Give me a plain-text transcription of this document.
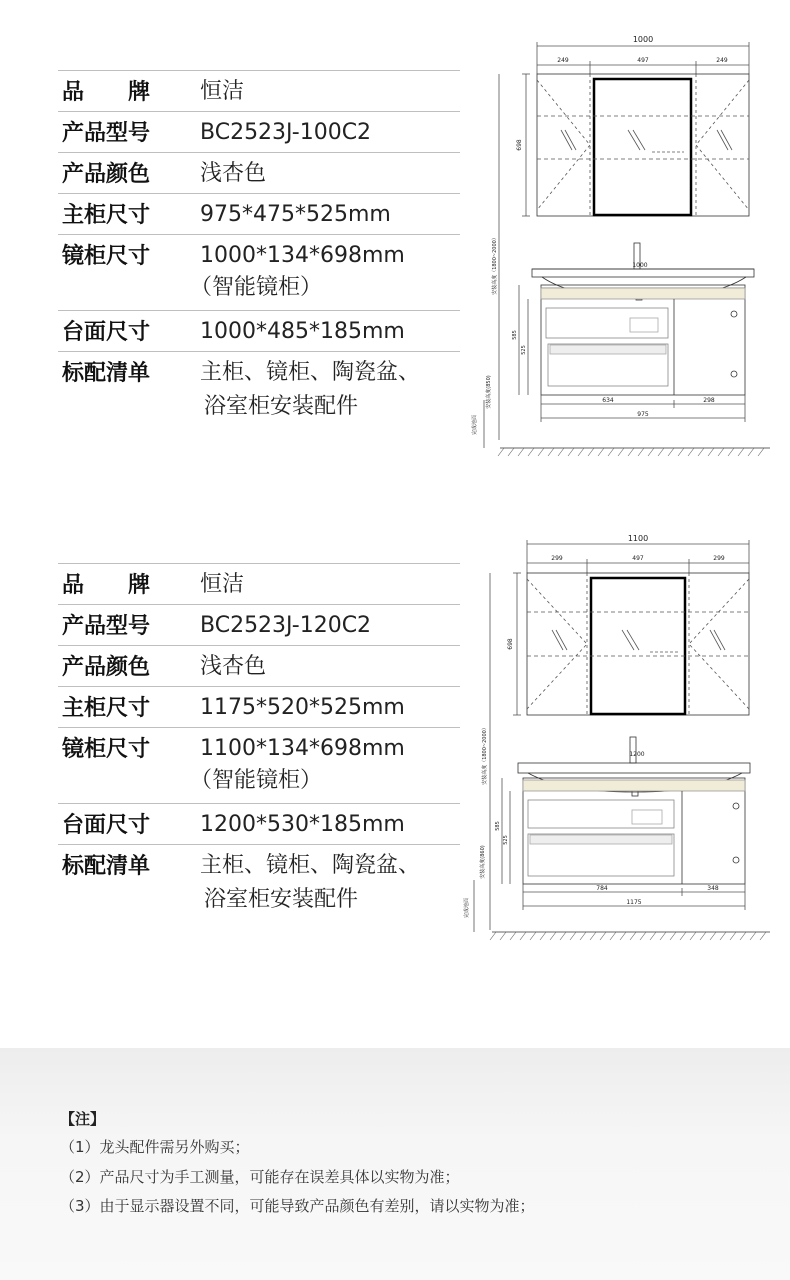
品　　牌 恒洁
产品型号 BC2523J-100C2
产品颜色 浅杏色
主柜尺寸 975*475*525mm
镜柜尺寸 1000*134*698mm
（智能镜柜）
台面尺寸 1000*485*185mm
标配清单 主柜、镜柜、陶瓷盆、
浴室柜安装配件
1000
249	497	249
698
安装高度（1800~2000）	1000
585
525
安装高度(850)
完成地面
634	298
975
品　　牌 恒洁
产品型号 BC2523J-120C2
产品颜色 浅杏色
主柜尺寸 1175*520*525mm
镜柜尺寸 1100*134*698mm
（智能镜柜）
台面尺寸 1200*530*185mm
标配清单 主柜、镜柜、陶瓷盆、
浴室柜安装配件
1100
299	497	299
698
安装高度（1800~2000）	1200
585
525
安装高度(860)
完成地面
784	348
1175
【注】
（1）龙头配件需另外购买；
（2）产品尺寸为手工测量，可能存在误差具体以实物为准；
（3）由于显示器设置不同，可能导致产品颜色有差别，请以实物为准；
